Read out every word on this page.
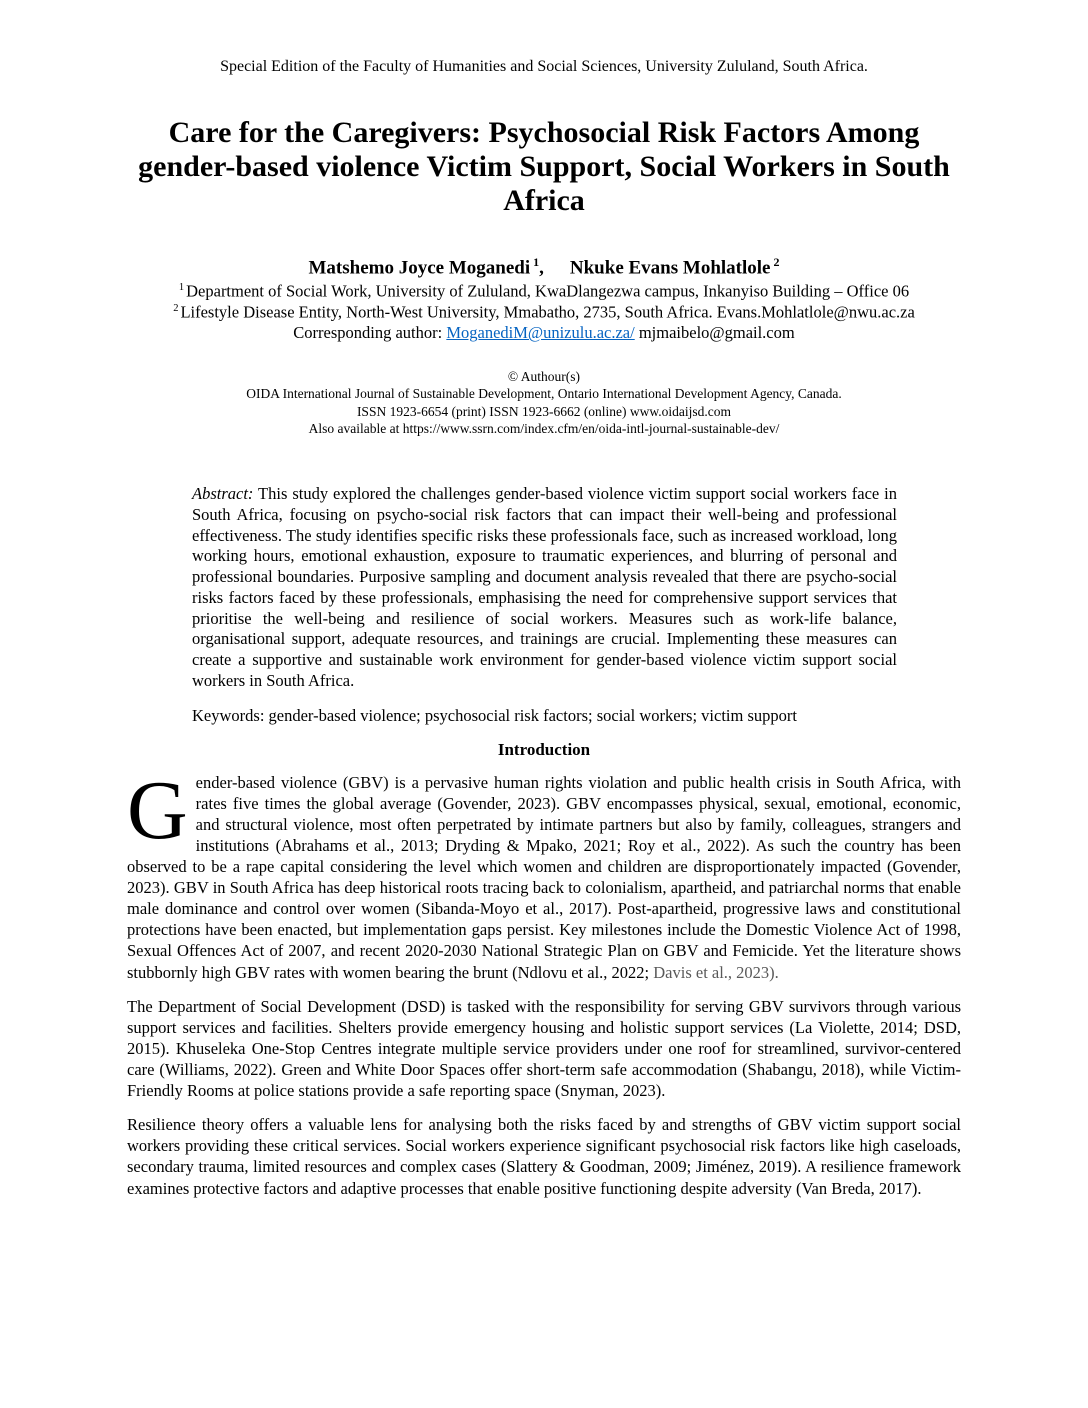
Special Edition of the Faculty of Humanities and Social Sciences, University Zululand, South Africa.
Care for the Caregivers: Psychosocial Risk Factors Among gender-based violence Victim Support, Social Workers in South Africa
Matshemo Joyce Moganedi $^1$, Nkuke Evans Mohlatlole $^2$
$^1$ Department of Social Work, University of Zululand, KwaDlangezwa campus, Inkanyiso Building – Office 06
$^2$ Lifestyle Disease Entity, North-West University, Mmabatho, 2735, South Africa. Evans.Mohlatlole@nwu.ac.za
Corresponding author: MoganediM@unizulu.ac.za/ mjmaibelo@gmail.com
© Authour(s)
OIDA International Journal of Sustainable Development, Ontario International Development Agency, Canada.
ISSN 1923-6654 (print) ISSN 1923-6662 (online) www.oidaijsd.com
Also available at https://www.ssrn.com/index.cfm/en/oida-intl-journal-sustainable-dev/

Abstract: This study explored the challenges gender-based violence victim support social workers face in South Africa, focusing on psycho-social risk factors that can impact their well-being and professional effectiveness. The study identifies specific risks these professionals face, such as increased workload, long working hours, emotional exhaustion, exposure to traumatic experiences, and blurring of personal and professional boundaries. Purposive sampling and document analysis revealed that there are psycho-social risks factors faced by these professionals, emphasising the need for comprehensive support services that prioritise the well-being and resilience of social workers. Measures such as work-life balance, organisational support, adequate resources, and trainings are crucial. Implementing these measures can create a supportive and sustainable work environment for gender-based violence victim support social workers in South Africa.

Keywords: gender-based violence; psychosocial risk factors; social workers; victim support

Introduction

Gender-based violence (GBV) is a pervasive human rights violation and public health crisis in South Africa, with rates five times the global average (Govender, 2023). GBV encompasses physical, sexual, emotional, economic, and structural violence, most often perpetrated by intimate partners but also by family, colleagues, strangers and institutions (Abrahams et al., 2013; Dryding & Mpako, 2021; Roy et al., 2022). As such the country has been observed to be a rape capital considering the level which women and children are disproportionately impacted (Govender, 2023). GBV in South Africa has deep historical roots tracing back to colonialism, apartheid, and patriarchal norms that enable male dominance and control over women (Sibanda-Moyo et al., 2017). Post-apartheid, progressive laws and constitutional protections have been enacted, but implementation gaps persist. Key milestones include the Domestic Violence Act of 1998, Sexual Offences Act of 2007, and recent 2020-2030 National Strategic Plan on GBV and Femicide. Yet the literature shows stubbornly high GBV rates with women bearing the brunt (Ndlovu et al., 2022; Davis et al., 2023).

The Department of Social Development (DSD) is tasked with the responsibility for serving GBV survivors through various support services and facilities. Shelters provide emergency housing and holistic support services (La Violette, 2014; DSD, 2015). Khuseleka One-Stop Centres integrate multiple service providers under one roof for streamlined, survivor-centered care (Williams, 2022). Green and White Door Spaces offer short-term safe accommodation (Shabangu, 2018), while Victim-Friendly Rooms at police stations provide a safe reporting space (Snyman, 2023).

Resilience theory offers a valuable lens for analysing both the risks faced by and strengths of GBV victim support social workers providing these critical services. Social workers experience significant psychosocial risk factors like high caseloads, secondary trauma, limited resources and complex cases (Slattery & Goodman, 2009; Jiménez, 2019). A resilience framework examines protective factors and adaptive processes that enable positive functioning despite adversity (Van Breda, 2017).
